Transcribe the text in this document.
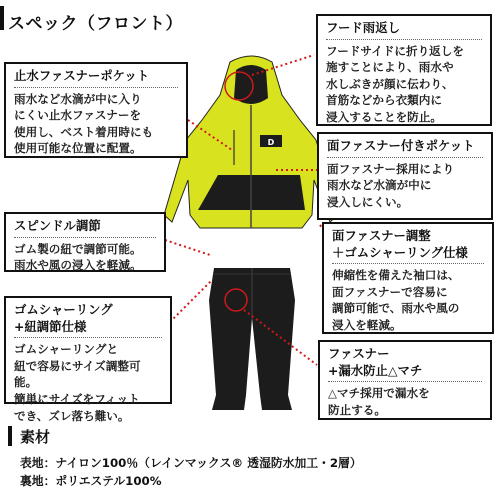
スペック（フロント）
D
フード雨返し
フードサイドに折り返しを
施すことにより、雨水や
水しぶきが顔に伝わり、
首筋などから衣類内に
浸入することを防止。
止水ファスナーポケット
雨水など水滴が中に入り
にくい止水ファスナーを
使用し、ベスト着用時にも
使用可能な位置に配置。	面ファスナー付きポケット
面ファスナー採用により
雨水など水滴が中に
浸入しにくい。
スピンドル調節
ゴム製の紐で調節可能。
雨水や風の浸入を軽減。
面ファスナー調整
＋ゴムシャーリング仕様
伸縮性を備えた袖口は、
面ファスナーで容易に
調節可能で、雨水や風の
浸入を軽減。
ゴムシャーリング
+紐調節仕様
ゴムシャーリングと
紐で容易にサイズ調整可能。
簡単にサイズをフィット
でき、ズレ落ち難い。
ファスナー
+漏水防止△マチ
△マチ採用で漏水を
防止する。
素材
表地：ナイロン100％（レインマックス® 透湿防水加工・2層）
裏地：ポリエステル100%
